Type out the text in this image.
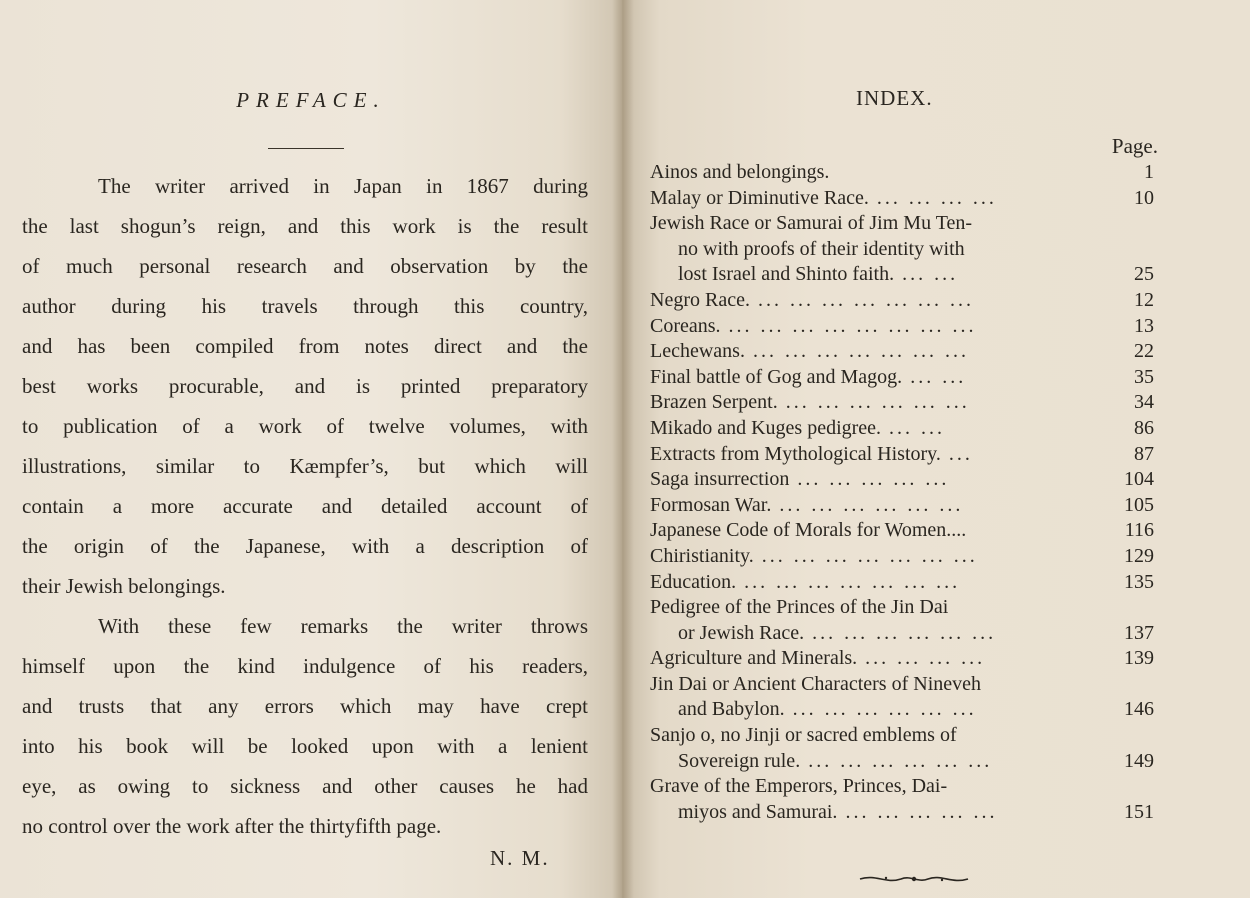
PREFACE.
The writer arrived in Japan in 1867 during
the last shogun’s reign, and this work is the result
of much personal research and observation by the
author during his travels through this country,
and has been compiled from notes direct and the
best works procurable, and is printed preparatory
to publication of a work of twelve volumes, with
illustrations, similar to Kæmpfer’s, but which will
contain a more accurate and detailed account of
the origin of the Japanese, with a description of
their Jewish belongings.
With these few remarks the writer throws
himself upon the kind indulgence of his readers,
and trusts that any errors which may have crept
into his book will be looked upon with a lenient
eye, as owing to sickness and other causes he had
no control over the work after the thirtyfifth page.
N. M.
INDEX.
Page.
Ainos and belongings.	1
Malay or Diminutive Race. ... ... ... ...	10
Jewish Race or Samurai of Jim Mu Ten-
no with proofs of their identity with
lost Israel and Shinto faith. ... ...	25
Negro Race. ... ... ... ... ... ... ...	12
Coreans. ... ... ... ... ... ... ... ...	13
Lechewans. ... ... ... ... ... ... ...	22
Final battle of Gog and Magog. ... ...	35
Brazen Serpent. ... ... ... ... ... ...	34
Mikado and Kuges pedigree. ... ...	86
Extracts from Mythological History. ...	87
Saga insurrection ... ... ... ... ...	104
Formosan War. ... ... ... ... ... ...	105
Japanese Code of Morals for Women....	116
Chiristianity. ... ... ... ... ... ... ...	129
Education. ... ... ... ... ... ... ...	135
Pedigree of the Princes of the Jin Dai
or Jewish Race. ... ... ... ... ... ...	137
Agriculture and Minerals. ... ... ... ...	139
Jin Dai or Ancient Characters of Nineveh
and Babylon. ... ... ... ... ... ...	146
Sanjo o, no Jinji or sacred emblems of
Sovereign rule. ... ... ... ... ... ...	149
Grave of the Emperors, Princes, Dai-
miyos and Samurai. ... ... ... ... ...	151
